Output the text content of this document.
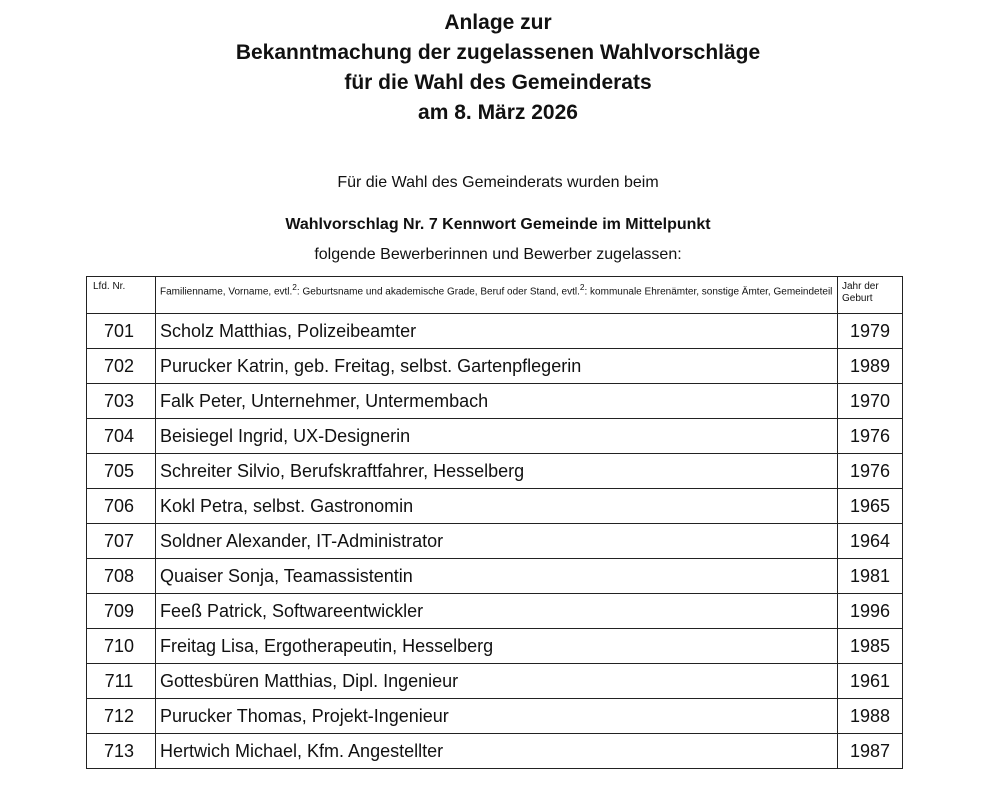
Anlage zur
Bekanntmachung der zugelassenen Wahlvorschläge
für die Wahl des Gemeinderats
am 8. März 2026
Für die Wahl des Gemeinderats wurden beim
Wahlvorschlag Nr. 7 Kennwort Gemeinde im Mittelpunkt
folgende Bewerberinnen und Bewerber zugelassen:
Lfd. Nr.	Familienname, Vorname, evtl.$^2$: Geburtsname und akademische Grade, Beruf oder Stand, evtl.$^2$: kommunale Ehrenämter, sonstige Ämter, Gemeindeteil	Jahr der Geburt
701	Scholz Matthias, Polizeibeamter	1979
702	Purucker Katrin, geb. Freitag, selbst. Gartenpflegerin	1989
703	Falk Peter, Unternehmer, Untermembach	1970
704	Beisiegel Ingrid, UX-Designerin	1976
705	Schreiter Silvio, Berufskraftfahrer, Hesselberg	1976
706	Kokl Petra, selbst. Gastronomin	1965
707	Soldner Alexander, IT-Administrator	1964
708	Quaiser Sonja, Teamassistentin	1981
709	Feeß Patrick, Softwareentwickler	1996
710	Freitag Lisa, Ergotherapeutin, Hesselberg	1985
711	Gottesbüren Matthias, Dipl. Ingenieur	1961
712	Purucker Thomas, Projekt-Ingenieur	1988
713	Hertwich Michael, Kfm. Angestellter	1987
